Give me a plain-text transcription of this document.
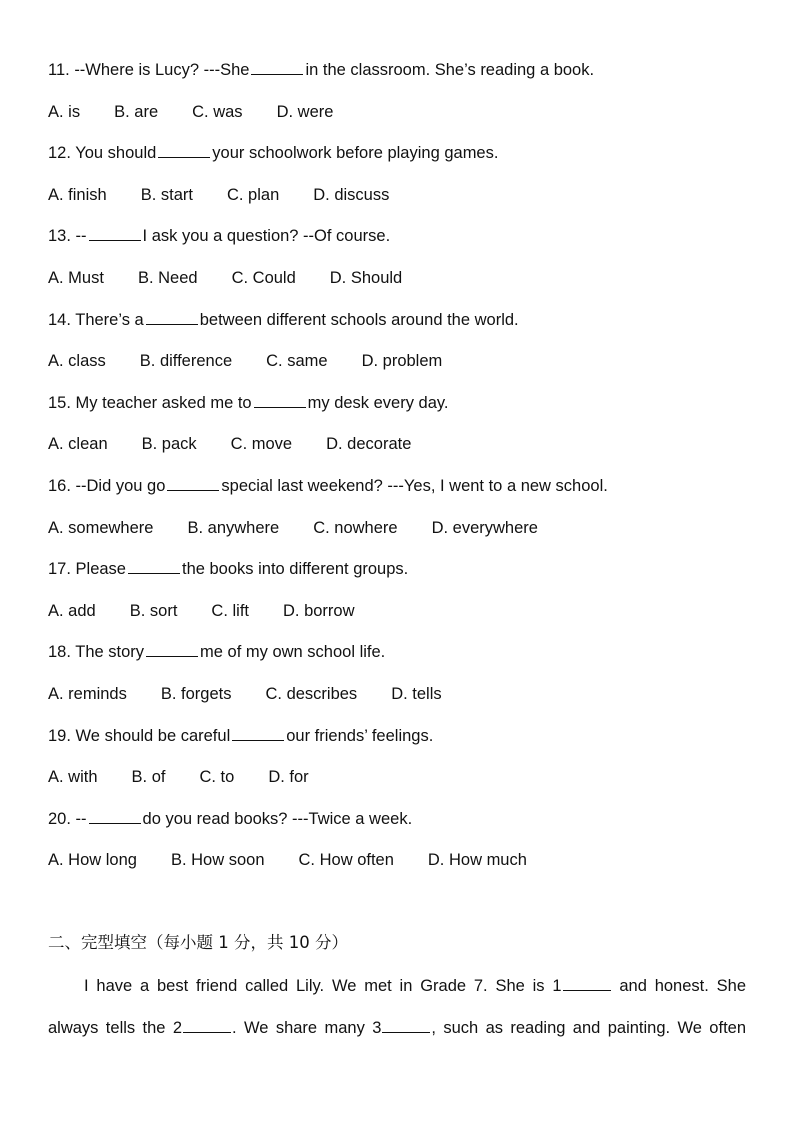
11. --Where is Lucy? ---She	in the classroom. She’s reading a book.
A. is B. are C. was D. were
12. You should	your schoolwork before playing games.
A. finish B. start C. plan D. discuss
13. --	I ask you a question? --Of course.
A. Must B. Need C. Could D. Should
14. There’s a	between different schools around the world.
A. class B. difference C. same D. problem
15. My teacher asked me to	my desk every day.
A. clean B. pack C. move D. decorate
16. --Did you go	special last weekend? ---Yes, I went to a new school.
A. somewhere B. anywhere C. nowhere D. everywhere
17. Please	the books into different groups.
A. add B. sort C. lift D. borrow
18. The story	me of my own school life.
A. reminds B. forgets C. describes D. tells
19. We should be careful	our friends’ feelings.
A. with B. of C. to D. for
20. --	do you read books? ---Twice a week.
A. How long B. How soon C. How often D. How much
二、完型填空（每小题 1 分，共 10 分）

I have a best friend called Lily. We met in Grade 7. She is 1	and honest. She

always tells the 2	. We share many 3	, such as reading and painting. We often
